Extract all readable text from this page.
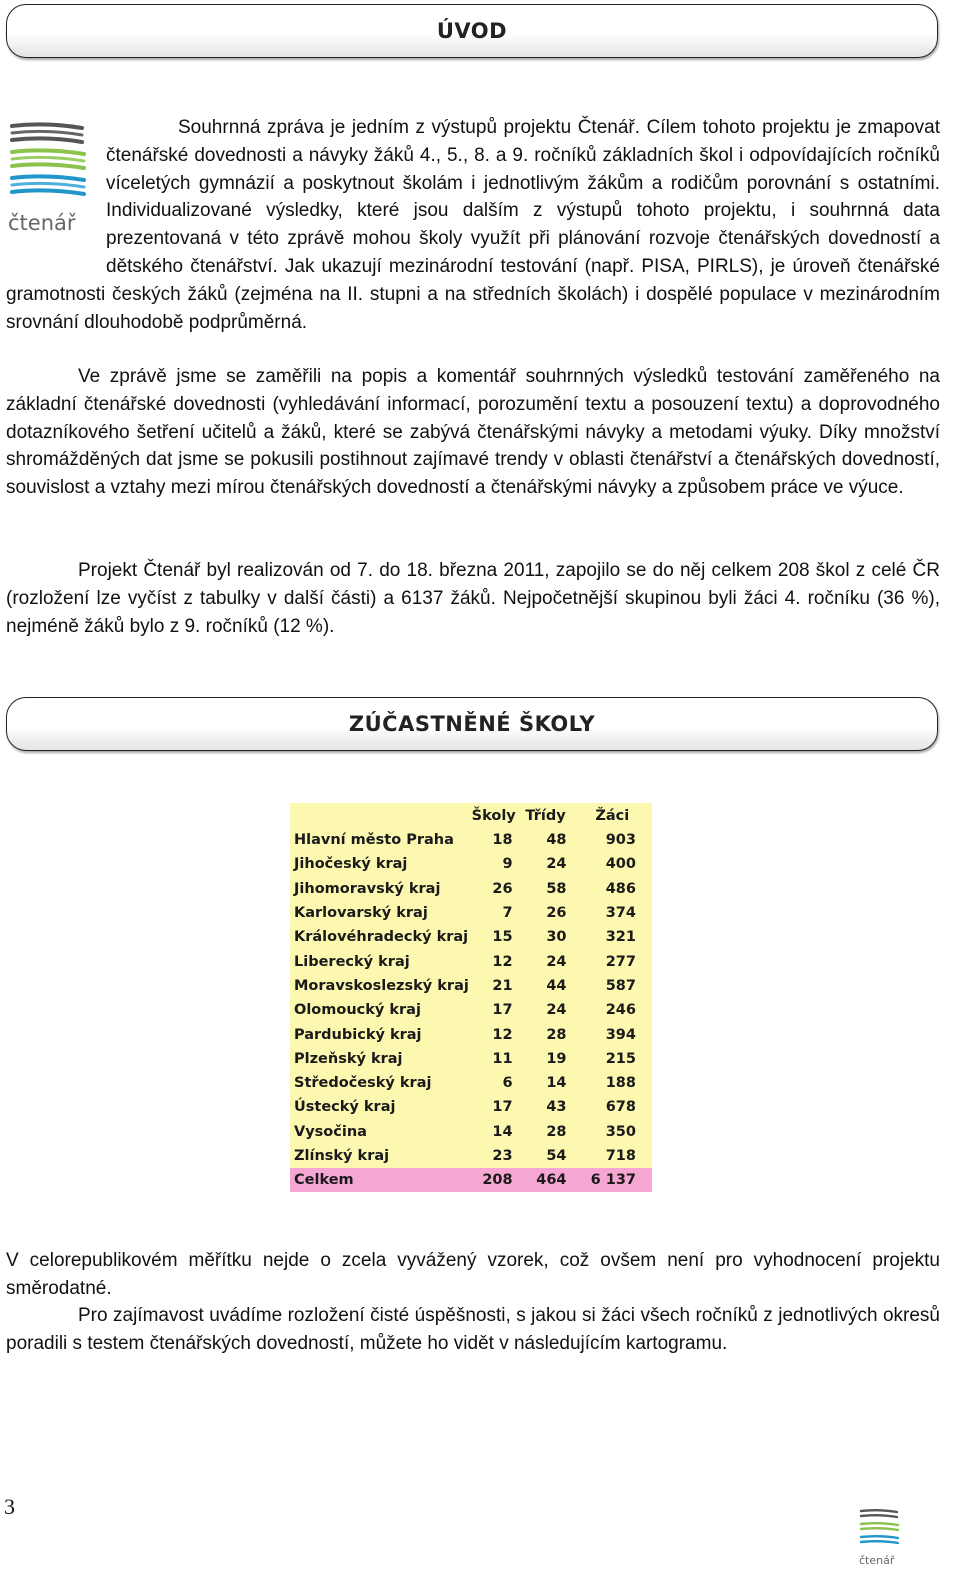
ÚVOD
čtenář

Souhrnná zpráva je jedním z výstupů projektu Čtenář. Cílem tohoto projektu je zmapovat čtenářské dovednosti a návyky žáků 4., 5., 8. a 9. ročníků základních škol i odpovídajících ročníků víceletých gymnázií a poskytnout školám i jednotlivým žákům a rodičům porovnání s ostatními. Individualizované výsledky, které jsou dalším z výstupů tohoto projektu, i souhrnná data prezentovaná v této zprávě mohou školy využít při plánování rozvoje čtenářských dovedností a dětského čtenářství. Jak ukazují mezinárodní testování (např. PISA, PIRLS), je úroveň čtenářské gramotnosti českých žáků (zejména na II. stupni a na středních školách) i dospělé populace v mezinárodním srovnání dlouhodobě podprůměrná.

Ve zprávě jsme se zaměřili na popis a komentář souhrnných výsledků testování zaměřeného na základní čtenářské dovednosti (vyhledávání informací, porozumění textu a posouzení textu) a doprovodného dotazníkového šetření učitelů a žáků, které se zabývá čtenářskými návyky a metodami výuky. Díky množství shromážděných dat jsme se pokusili postihnout zajímavé trendy v oblasti čtenářství a čtenářských dovedností, souvislost a vztahy mezi mírou čtenářských dovedností a čtenářskými návyky a způsobem práce ve výuce.

Projekt Čtenář byl realizován od 7. do 18. března 2011, zapojilo se do něj celkem 208 škol z celé ČR (rozložení lze vyčíst z tabulky v další části) a 6137 žáků. Nejpočetnější skupinou byli žáci 4. ročníku (36 %), nejméně žáků bylo z 9. ročníků (12 %).

ZÚČASTNĚNÉ ŠKOLY
	Školy	Třídy	Žáci
Hlavní město Praha	18	48	903
Jihočeský kraj	9	24	400
Jihomoravský kraj	26	58	486
Karlovarský kraj	7	26	374
Královéhradecký kraj	15	30	321
Liberecký kraj	12	24	277
Moravskoslezský kraj	21	44	587
Olomoucký kraj	17	24	246
Pardubický kraj	12	28	394
Plzeňský kraj	11	19	215
Středočeský kraj	6	14	188
Ústecký kraj	17	43	678
Vysočina	14	28	350
Zlínský kraj	23	54	718
Celkem	208	464	6 137

V celorepublikovém měřítku nejde o zcela vyvážený vzorek, což ovšem není pro vyhodnocení projektu směrodatné.

Pro zajímavost uvádíme rozložení čisté úspěšnosti, s jakou si žáci všech ročníků z jednotlivých okresů poradili s testem čtenářských dovedností, můžete ho vidět v následujícím kartogramu.

3
čtenář
